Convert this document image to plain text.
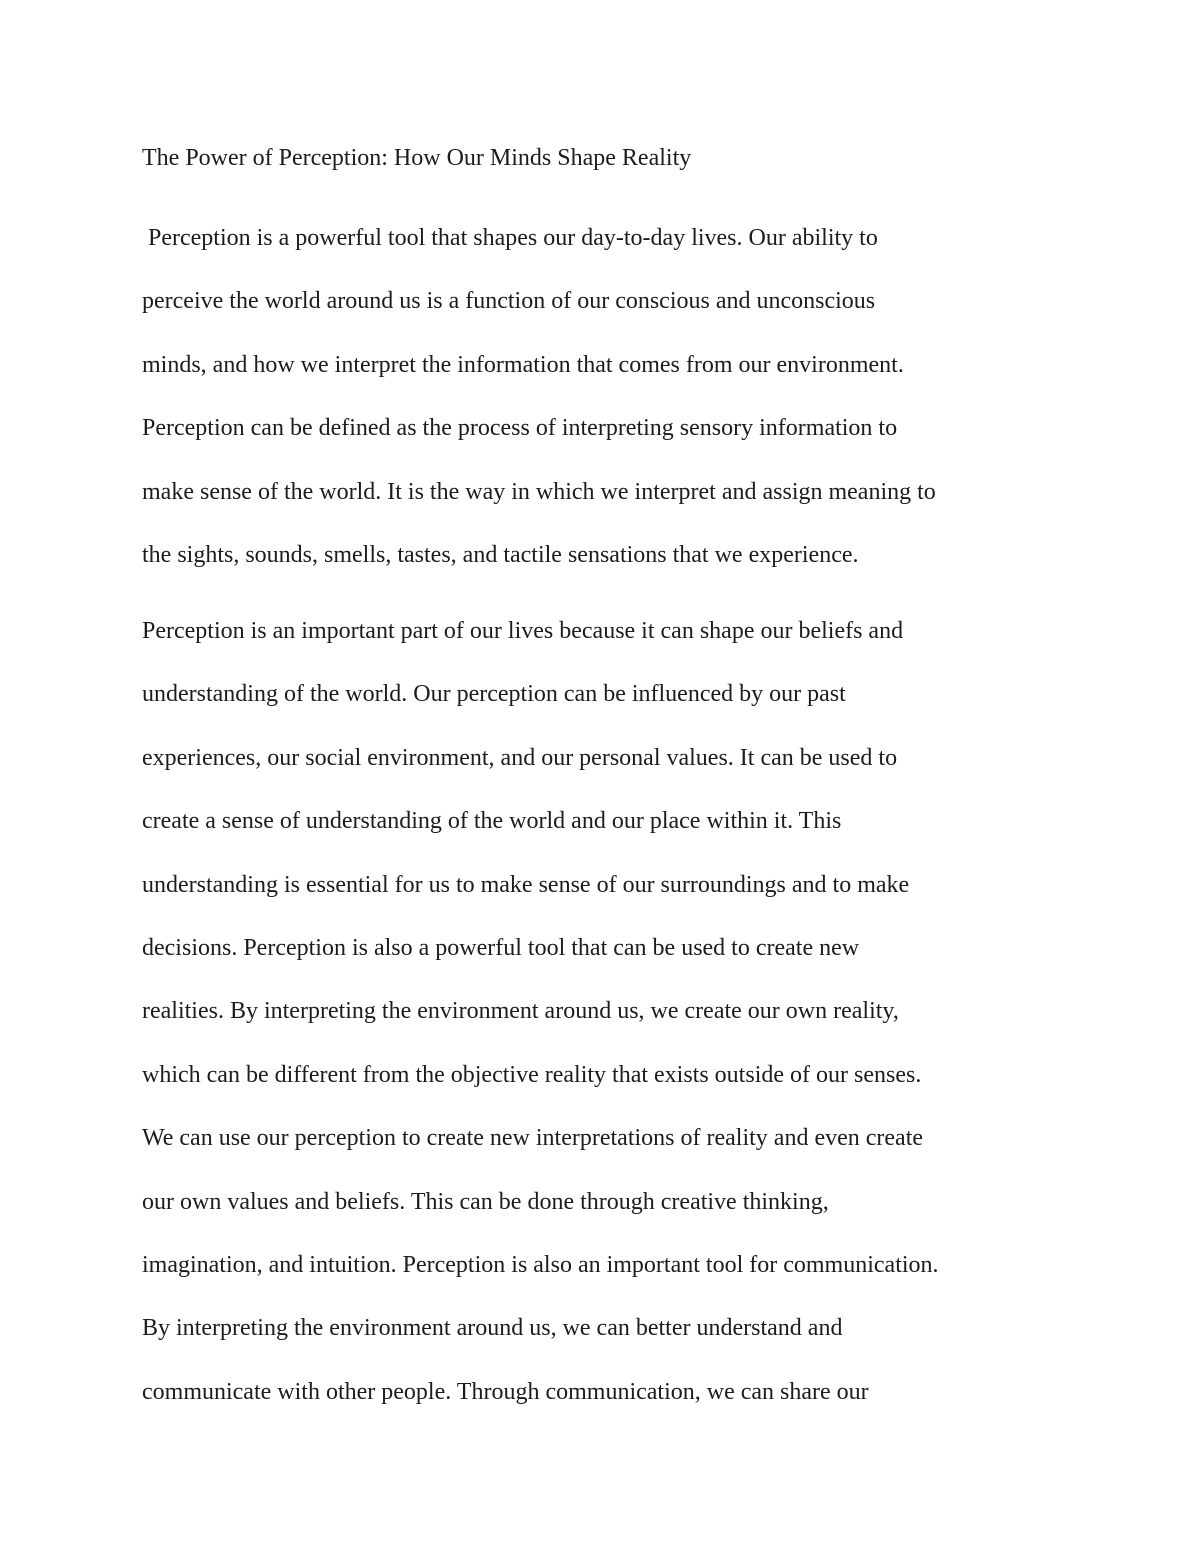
The Power of Perception: How Our Minds Shape Reality
Perception is a powerful tool that shapes our day-to-day lives. Our ability to
perceive the world around us is a function of our conscious and unconscious
minds, and how we interpret the information that comes from our environment.
Perception can be defined as the process of interpreting sensory information to
make sense of the world. It is the way in which we interpret and assign meaning to
the sights, sounds, smells, tastes, and tactile sensations that we experience.
Perception is an important part of our lives because it can shape our beliefs and
understanding of the world. Our perception can be influenced by our past
experiences, our social environment, and our personal values. It can be used to
create a sense of understanding of the world and our place within it. This
understanding is essential for us to make sense of our surroundings and to make
decisions. Perception is also a powerful tool that can be used to create new
realities. By interpreting the environment around us, we create our own reality,
which can be different from the objective reality that exists outside of our senses.
We can use our perception to create new interpretations of reality and even create
our own values and beliefs. This can be done through creative thinking,
imagination, and intuition. Perception is also an important tool for communication.
By interpreting the environment around us, we can better understand and
communicate with other people. Through communication, we can share our
